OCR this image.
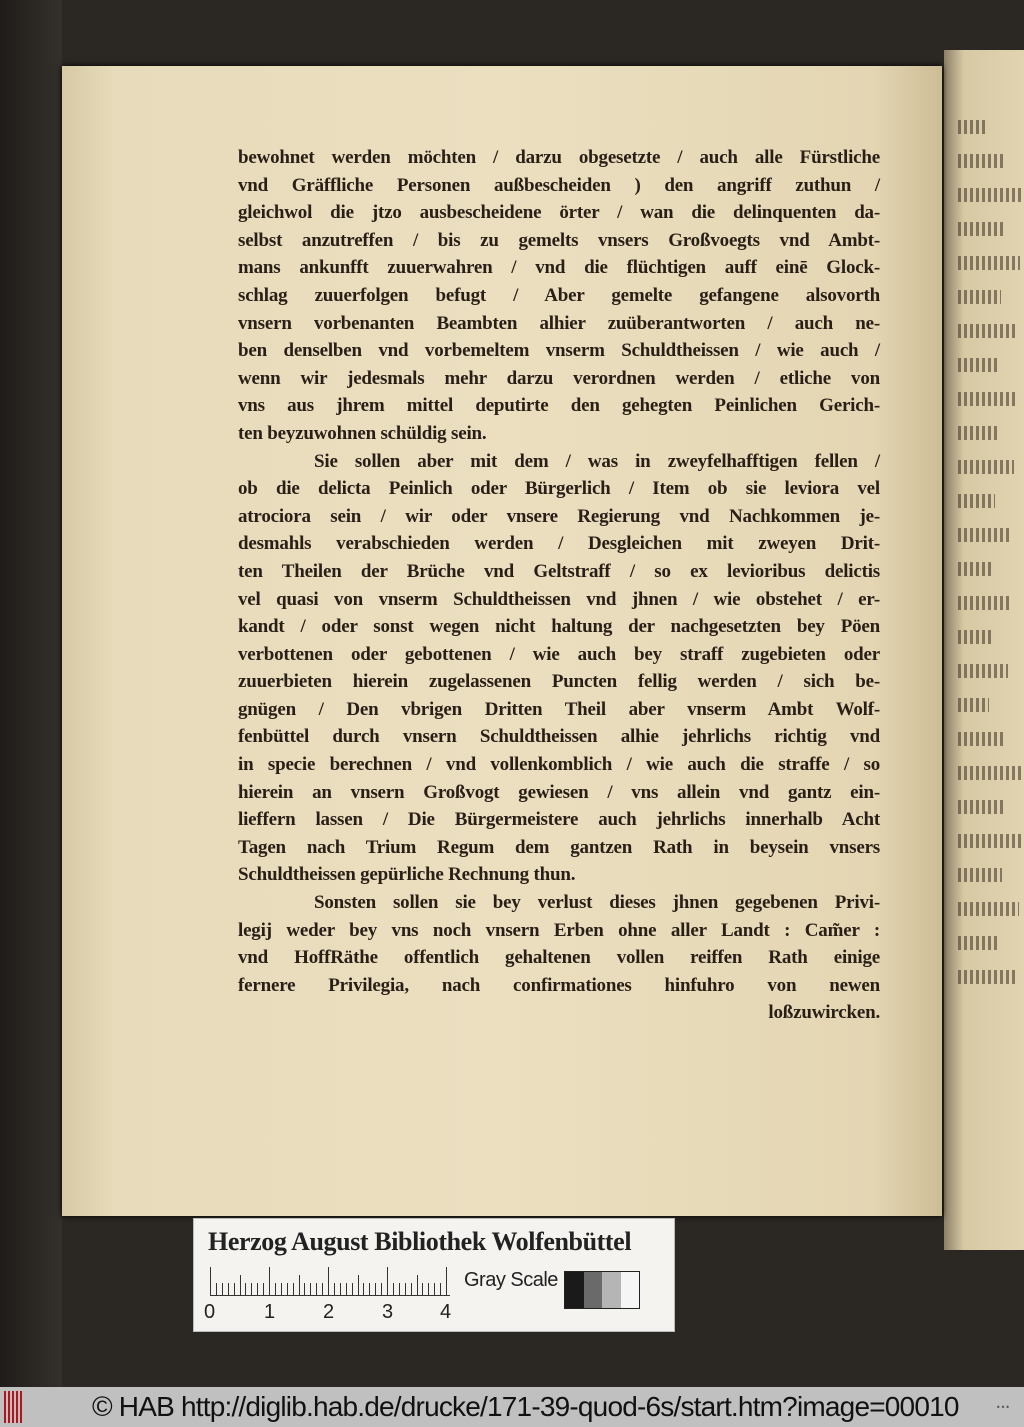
bewohnet werden möchten / darzu obgesetzte / auch alle Fürstliche
vnd Gräffliche Personen außbescheiden ) den angriff zuthun /
gleichwol die jtzo ausbescheidene örter / wan die delinquenten da-
selbst anzutreffen / bis zu gemelts vnsers Großvoegts vnd Ambt-
mans ankunfft zuuerwahren / vnd die flüchtigen auff einē Glock-
schlag zuuerfolgen befugt / Aber gemelte gefangene alsovorth
vnsern vorbenanten Beambten alhier zuüberantworten / auch ne-
ben denselben vnd vorbemeltem vnserm Schuldtheissen / wie auch /
wenn wir jedesmals mehr darzu verordnen werden / etliche von
vns aus jhrem mittel deputirte den gehegten Peinlichen Gerich-
ten beyzuwohnen schüldig sein.
Sie sollen aber mit dem / was in zweyfelhafftigen fellen /
ob die delicta Peinlich oder Bürgerlich / Item ob sie leviora vel
atrociora sein / wir oder vnsere Regierung vnd Nachkommen je-
desmahls verabschieden werden / Desgleichen mit zweyen Drit-
ten Theilen der Brüche vnd Geltstraff / so ex levioribus delictis
vel quasi von vnserm Schuldtheissen vnd jhnen / wie obstehet / er-
kandt / oder sonst wegen nicht haltung der nachgesetzten bey Pöen
verbottenen oder gebottenen / wie auch bey straff zugebieten oder
zuuerbieten hierein zugelassenen Puncten fellig werden / sich be-
gnügen / Den vbrigen Dritten Theil aber vnserm Ambt Wolf-
fenbüttel durch vnsern Schuldtheissen alhie jehrlichs richtig vnd
in specie berechnen / vnd vollenkomblich / wie auch die straffe / so
hierein an vnsern Großvogt gewiesen / vns allein vnd gantz ein-
lieffern lassen / Die Bürgermeistere auch jehrlichs innerhalb Acht
Tagen nach Trium Regum dem gantzen Rath in beysein vnsers
Schuldtheissen gepürliche Rechnung thun.
Sonsten sollen sie bey verlust dieses jhnen gegebenen Privi-
legij weder bey vns noch vnsern Erben ohne aller Landt : Cam̃er :
vnd HoffRäthe offentlich gehaltenen vollen reiffen Rath einige
fernere Privilegia, nach confirmationes hinfuhro von newen
loßzuwircken.
Herzog August Bibliothek Wolfenbüttel
0 1 2 3 4
Gray Scale
© HAB http://diglib.hab.de/drucke/171-39-quod-6s/start.htm?image=00010	•••
